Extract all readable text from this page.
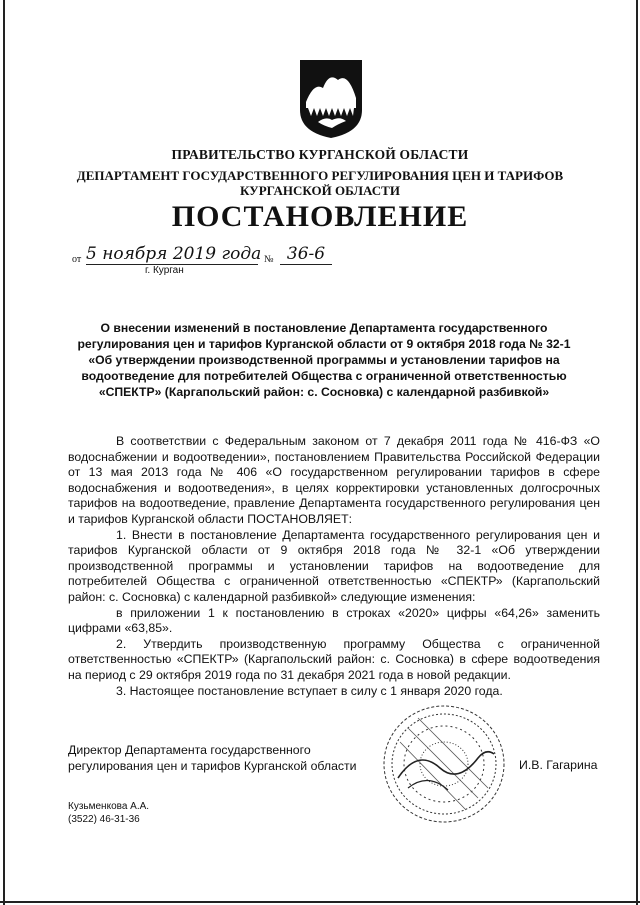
ПРАВИТЕЛЬСТВО КУРГАНСКОЙ ОБЛАСТИ
ДЕПАРТАМЕНТ ГОСУДАРСТВЕННОГО РЕГУЛИРОВАНИЯ ЦЕН И ТАРИФОВ
КУРГАНСКОЙ ОБЛАСТИ
ПОСТАНОВЛЕНИЕ
от 5 ноября 2019 года № 36-6
г. Курган
О внесении изменений в постановление Департамента государственного регулирования цен и тарифов Курганской области от 9 октября 2018 года № 32-1 «Об утверждении производственной программы и установлении тарифов на водоотведение для потребителей Общества с ограниченной ответственностью «СПЕКТР» (Каргапольский район: с. Сосновка) с календарной разбивкой»

В соответствии с Федеральным законом от 7 декабря 2011 года № 416-ФЗ «О водоснабжении и водоотведении», постановлением Правительства Российской Федерации от 13 мая 2013 года № 406 «О государственном регулировании тарифов в сфере водоснабжения и водоотведения», в целях корректировки установленных долгосрочных тарифов на водоотведение, правление Департамента государственного регулирования цен и тарифов Курганской области ПОСТАНОВЛЯЕТ:

1. Внести в постановление Департамента государственного регулирования цен и тарифов Курганской области от 9 октября 2018 года № 32-1 «Об утверждении производственной программы и установлении тарифов на водоотведение для потребителей Общества с ограниченной ответственностью «СПЕКТР» (Каргапольский район: с. Сосновка) с календарной разбивкой» следующие изменения:

в приложении 1 к постановлению в строках «2020» цифры «64,26» заменить цифрами «63,85».

2. Утвердить производственную программу Общества с ограниченной ответственностью «СПЕКТР» (Каргапольский район: с. Сосновка) в сфере водоотведения на период с 29 октября 2019 года по 31 декабря 2021 года в новой редакции.

3. Настоящее постановление вступает в силу с 1 января 2020 года.

Директор Департамента государственного
регулирования цен и тарифов Курганской области	И.В. Гагарина
Кузьменкова А.А.
(3522) 46-31-36
